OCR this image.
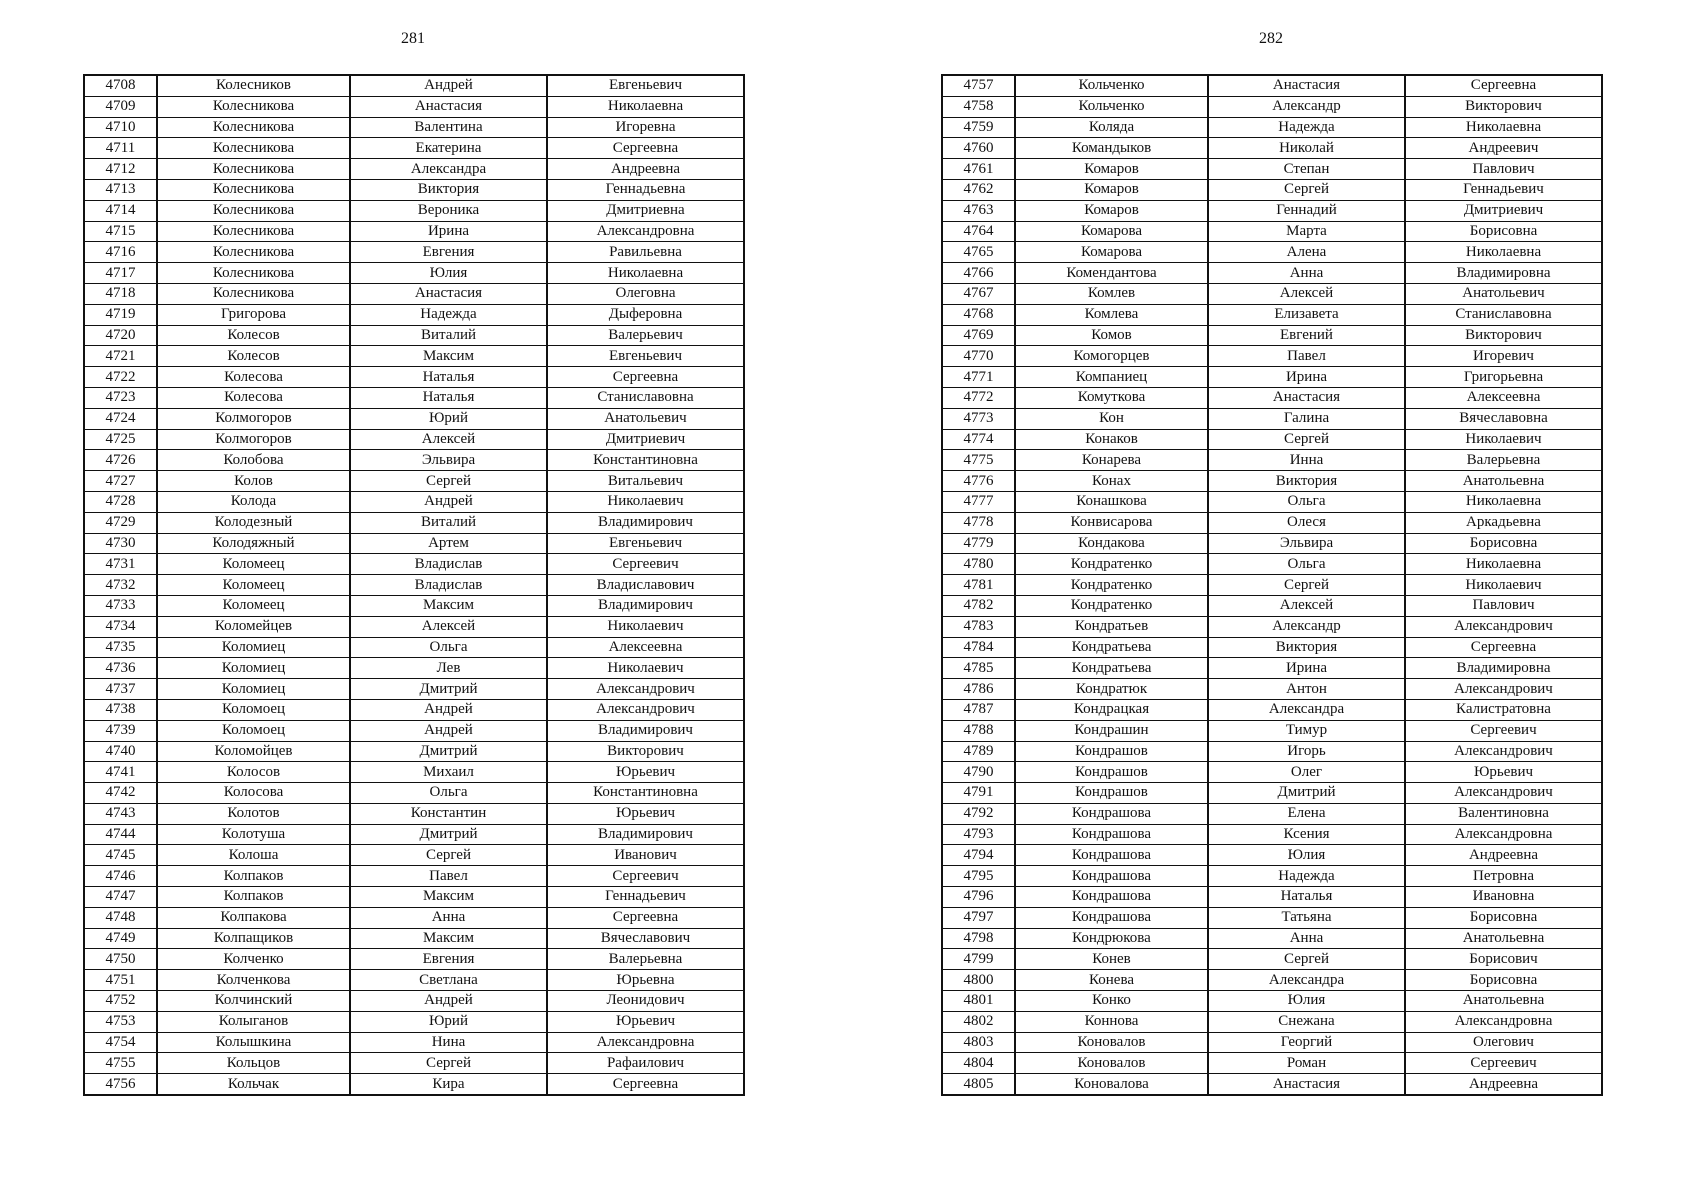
281
4708	Колесников	Андрей	Евгеньевич
4709	Колесникова	Анастасия	Николаевна
4710	Колесникова	Валентина	Игоревна
4711	Колесникова	Екатерина	Сергеевна
4712	Колесникова	Александра	Андреевна
4713	Колесникова	Виктория	Геннадьевна
4714	Колесникова	Вероника	Дмитриевна
4715	Колесникова	Ирина	Александровна
4716	Колесникова	Евгения	Равильевна
4717	Колесникова	Юлия	Николаевна
4718	Колесникова	Анастасия	Олеговна
4719	Григорова	Надежда	Дыферовна
4720	Колесов	Виталий	Валерьевич
4721	Колесов	Максим	Евгеньевич
4722	Колесова	Наталья	Сергеевна
4723	Колесова	Наталья	Станиславовна
4724	Колмогоров	Юрий	Анатольевич
4725	Колмогоров	Алексей	Дмитриевич
4726	Колобова	Эльвира	Константиновна
4727	Колов	Сергей	Витальевич
4728	Колода	Андрей	Николаевич
4729	Колодезный	Виталий	Владимирович
4730	Колодяжный	Артем	Евгеньевич
4731	Коломеец	Владислав	Сергеевич
4732	Коломеец	Владислав	Владиславович
4733	Коломеец	Максим	Владимирович
4734	Коломейцев	Алексей	Николаевич
4735	Коломиец	Ольга	Алексеевна
4736	Коломиец	Лев	Николаевич
4737	Коломиец	Дмитрий	Александрович
4738	Коломоец	Андрей	Александрович
4739	Коломоец	Андрей	Владимирович
4740	Коломойцев	Дмитрий	Викторович
4741	Колосов	Михаил	Юрьевич
4742	Колосова	Ольга	Константиновна
4743	Колотов	Константин	Юрьевич
4744	Колотуша	Дмитрий	Владимирович
4745	Колоша	Сергей	Иванович
4746	Колпаков	Павел	Сергеевич
4747	Колпаков	Максим	Геннадьевич
4748	Колпакова	Анна	Сергеевна
4749	Колпащиков	Максим	Вячеславович
4750	Колченко	Евгения	Валерьевна
4751	Колченкова	Светлана	Юрьевна
4752	Колчинский	Андрей	Леонидович
4753	Колыганов	Юрий	Юрьевич
4754	Колышкина	Нина	Александровна
4755	Кольцов	Сергей	Рафаилович
4756	Кольчак	Кира	Сергеевна
282
4757	Кольченко	Анастасия	Сергеевна
4758	Кольченко	Александр	Викторович
4759	Коляда	Надежда	Николаевна
4760	Командыков	Николай	Андреевич
4761	Комаров	Степан	Павлович
4762	Комаров	Сергей	Геннадьевич
4763	Комаров	Геннадий	Дмитриевич
4764	Комарова	Марта	Борисовна
4765	Комарова	Алена	Николаевна
4766	Комендантова	Анна	Владимировна
4767	Комлев	Алексей	Анатольевич
4768	Комлева	Елизавета	Станиславовна
4769	Комов	Евгений	Викторович
4770	Комогорцев	Павел	Игоревич
4771	Компаниец	Ирина	Григорьевна
4772	Комуткова	Анастасия	Алексеевна
4773	Кон	Галина	Вячеславовна
4774	Конаков	Сергей	Николаевич
4775	Конарева	Инна	Валерьевна
4776	Конах	Виктория	Анатольевна
4777	Конашкова	Ольга	Николаевна
4778	Конвисарова	Олеся	Аркадьевна
4779	Кондакова	Эльвира	Борисовна
4780	Кондратенко	Ольга	Николаевна
4781	Кондратенко	Сергей	Николаевич
4782	Кондратенко	Алексей	Павлович
4783	Кондратьев	Александр	Александрович
4784	Кондратьева	Виктория	Сергеевна
4785	Кондратьева	Ирина	Владимировна
4786	Кондратюк	Антон	Александрович
4787	Кондрацкая	Александра	Калистратовна
4788	Кондрашин	Тимур	Сергеевич
4789	Кондрашов	Игорь	Александрович
4790	Кондрашов	Олег	Юрьевич
4791	Кондрашов	Дмитрий	Александрович
4792	Кондрашова	Елена	Валентиновна
4793	Кондрашова	Ксения	Александровна
4794	Кондрашова	Юлия	Андреевна
4795	Кондрашова	Надежда	Петровна
4796	Кондрашова	Наталья	Ивановна
4797	Кондрашова	Татьяна	Борисовна
4798	Кондрюкова	Анна	Анатольевна
4799	Конев	Сергей	Борисович
4800	Конева	Александра	Борисовна
4801	Конко	Юлия	Анатольевна
4802	Коннова	Снежана	Александровна
4803	Коновалов	Георгий	Олегович
4804	Коновалов	Роман	Сергеевич
4805	Коновалова	Анастасия	Андреевна
